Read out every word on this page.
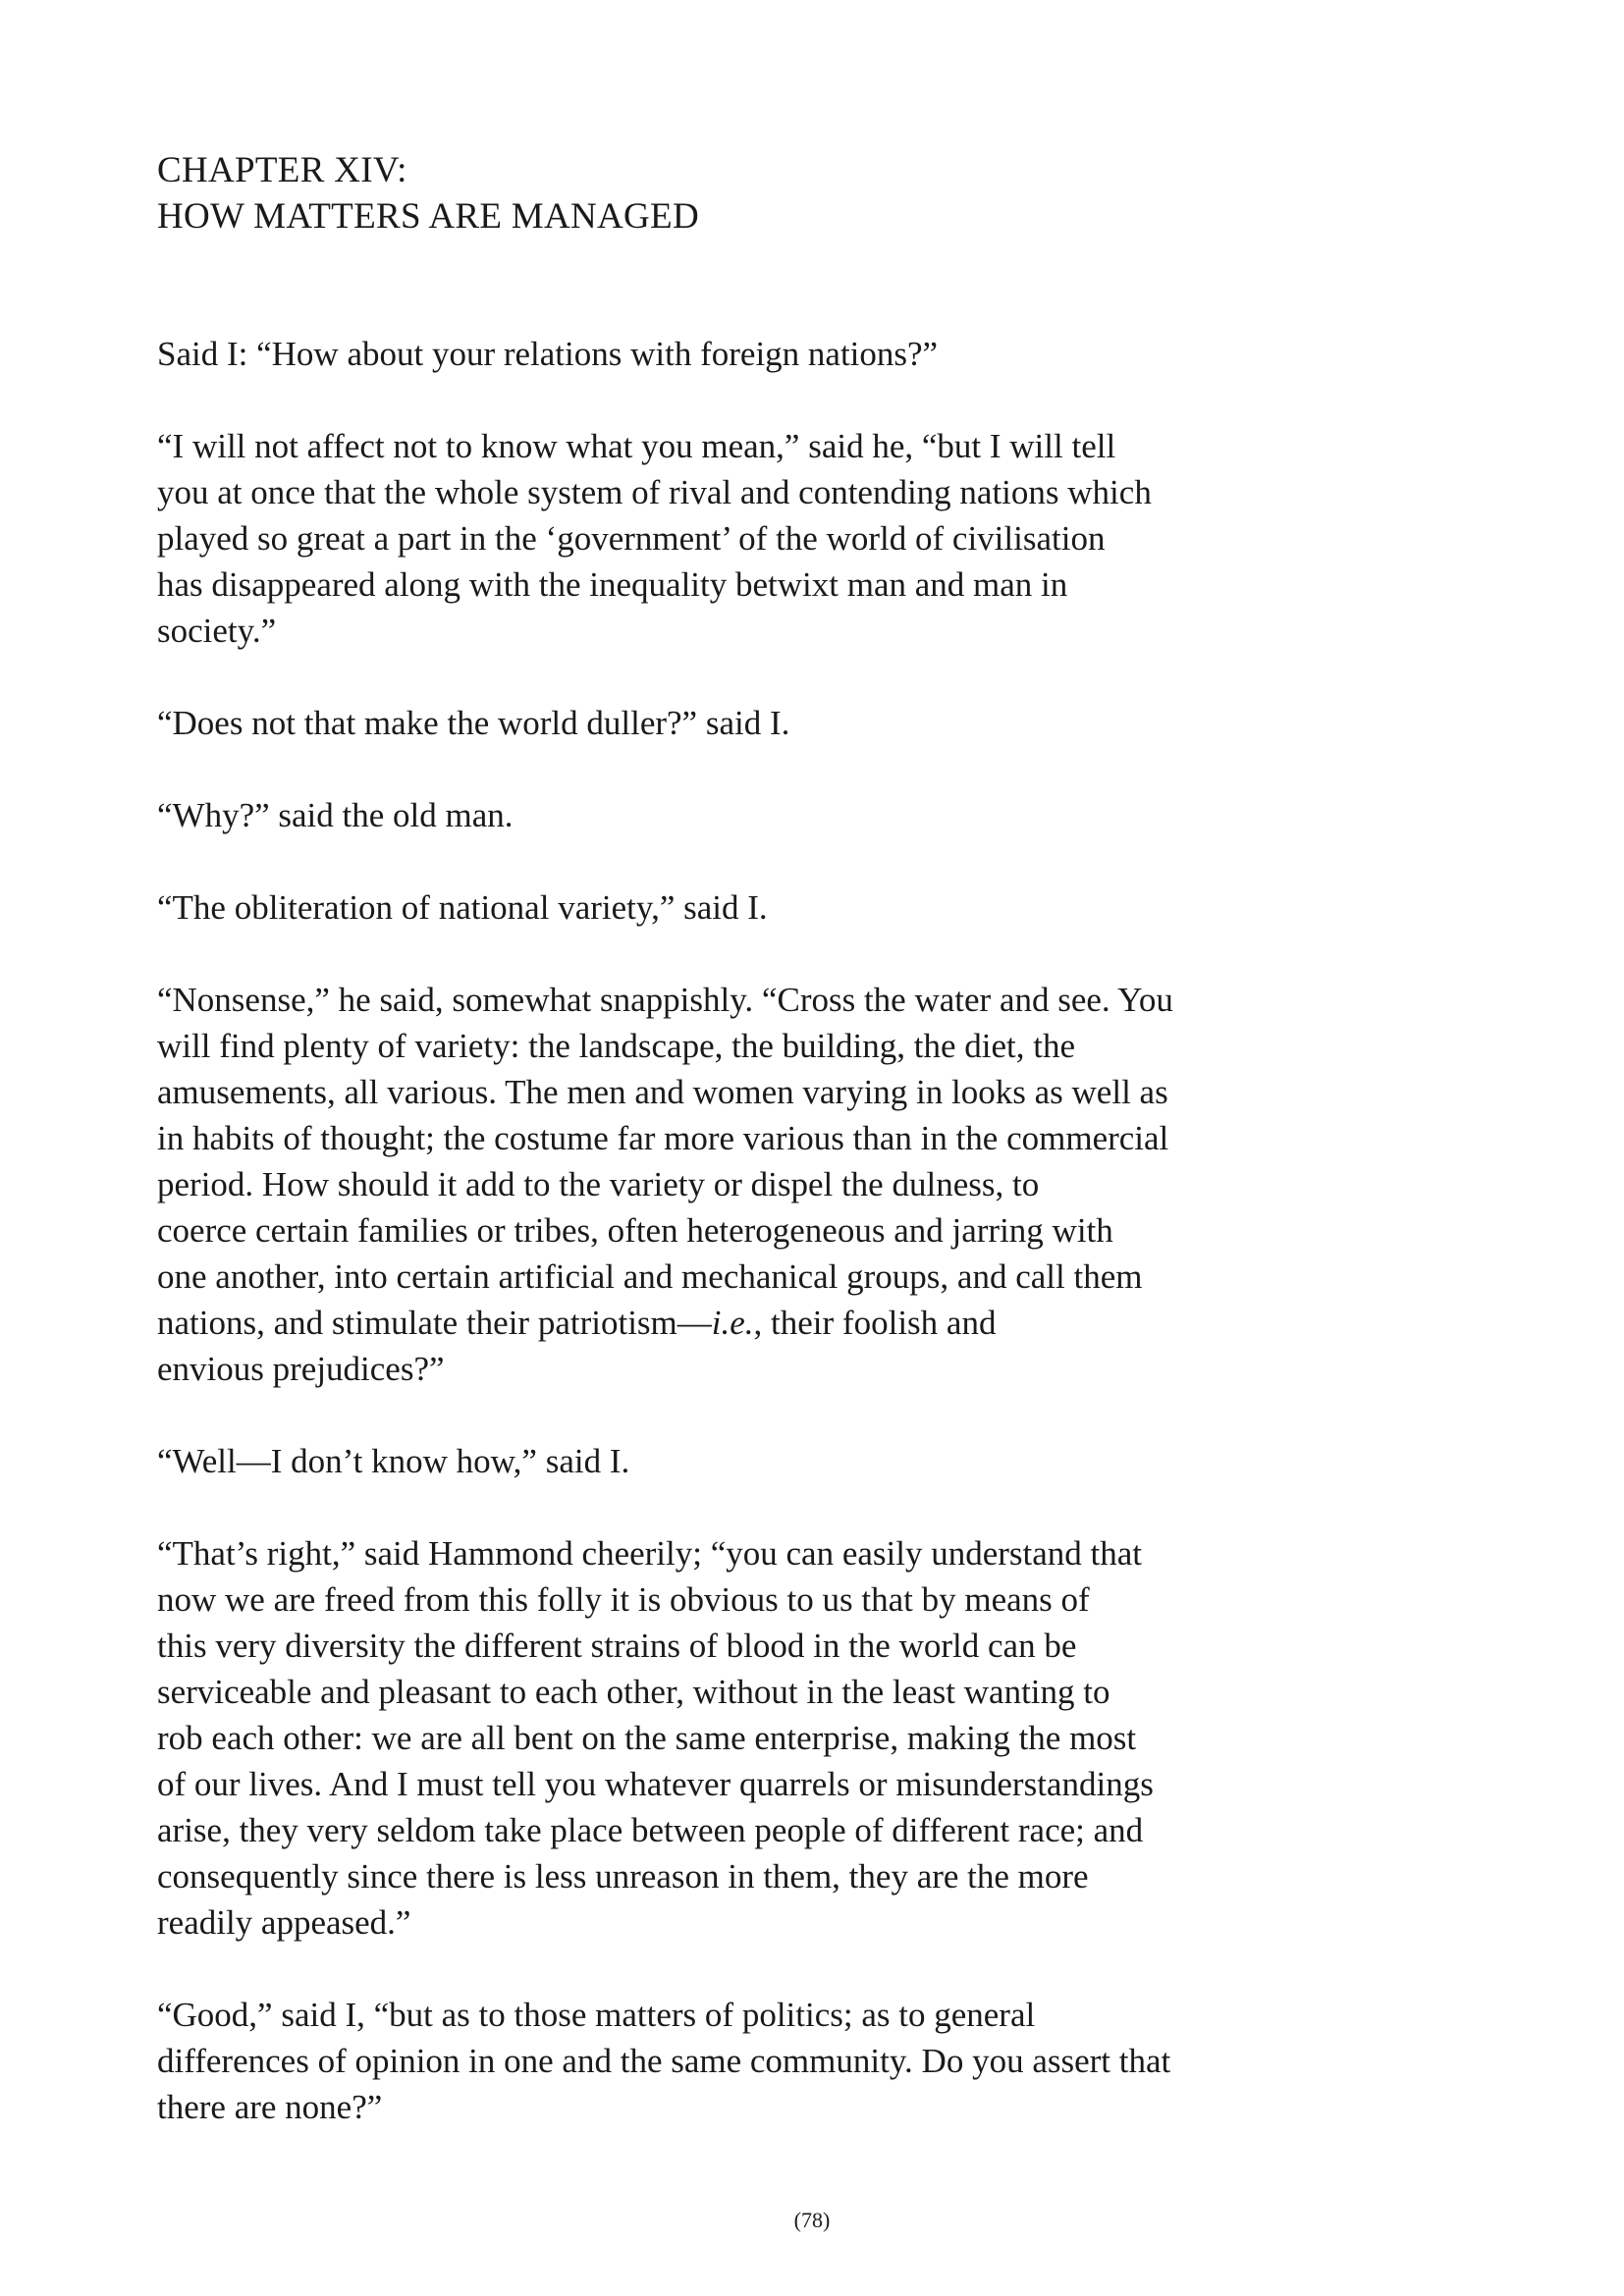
CHAPTER XIV:
HOW MATTERS ARE MANAGED

Said I: “How about your relations with foreign nations?”

“I will not affect not to know what you mean,” said he, “but I will tell
you at once that the whole system of rival and contending nations which
played so great a part in the ‘government’ of the world of civilisation
has disappeared along with the inequality betwixt man and man in
society.”

“Does not that make the world duller?” said I.

“Why?” said the old man.

“The obliteration of national variety,” said I.

“Nonsense,” he said, somewhat snappishly. “Cross the water and see. You
will find plenty of variety: the landscape, the building, the diet, the
amusements, all various. The men and women varying in looks as well as
in habits of thought; the costume far more various than in the commercial
period. How should it add to the variety or dispel the dulness, to
coerce certain families or tribes, often heterogeneous and jarring with
one another, into certain artificial and mechanical groups, and call them
nations, and stimulate their patriotism—i.e., their foolish and
envious prejudices?”

“Well—I don’t know how,” said I.

“That’s right,” said Hammond cheerily; “you can easily understand that
now we are freed from this folly it is obvious to us that by means of
this very diversity the different strains of blood in the world can be
serviceable and pleasant to each other, without in the least wanting to
rob each other: we are all bent on the same enterprise, making the most
of our lives. And I must tell you whatever quarrels or misunderstandings
arise, they very seldom take place between people of different race; and
consequently since there is less unreason in them, they are the more
readily appeased.”

“Good,” said I, “but as to those matters of politics; as to general
differences of opinion in one and the same community. Do you assert that
there are none?”

(78)
